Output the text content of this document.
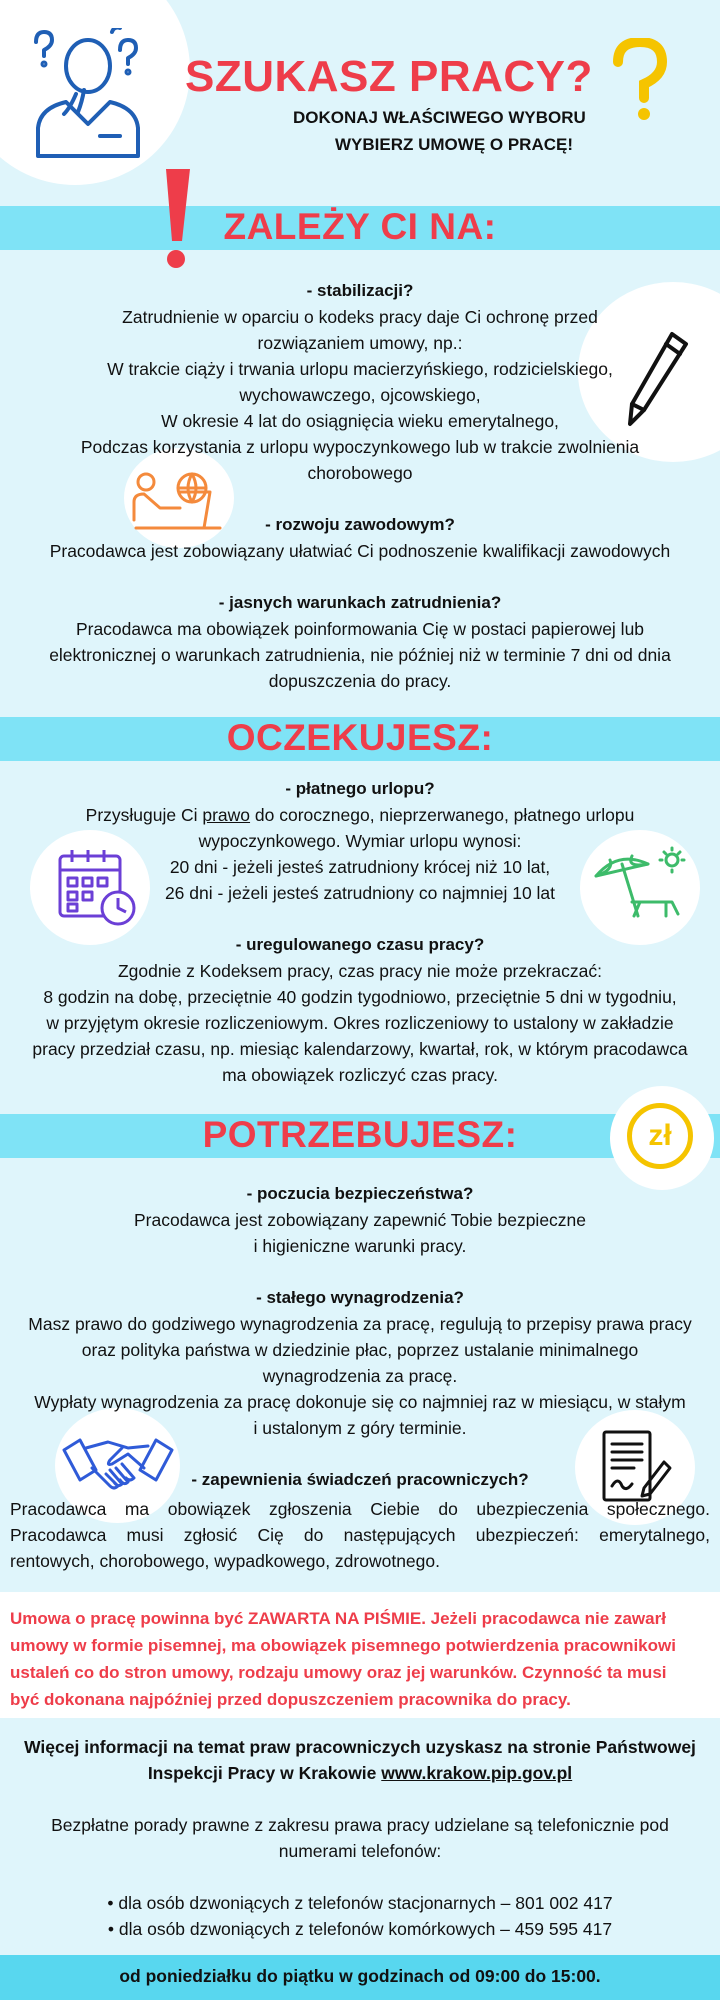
SZUKASZ PRACY?
DOKONAJ WŁAŚCIWEGO WYBORU
WYBIERZ UMOWĘ O PRACĘ!
ZALEŻY CI NA:
- stabilizacji?
Zatrudnienie w oparciu o kodeks pracy daje Ci ochronę przed
rozwiązaniem umowy, np.:
W trakcie ciąży i trwania urlopu macierzyńskiego, rodzicielskiego,
wychowawczego, ojcowskiego,
W okresie 4 lat do osiągnięcia wieku emerytalnego,
Podczas korzystania z urlopu wypoczynkowego lub w trakcie zwolnienia
chorobowego
- rozwoju zawodowym?
Pracodawca jest zobowiązany ułatwiać Ci podnoszenie kwalifikacji zawodowych
- jasnych warunkach zatrudnienia?
Pracodawca ma obowiązek poinformowania Cię w postaci papierowej lub
elektronicznej o warunkach zatrudnienia, nie później niż w terminie 7 dni od dnia
dopuszczenia do pracy.
OCZEKUJESZ:
- płatnego urlopu?
Przysługuje Ci prawo do corocznego, nieprzerwanego, płatnego urlopu
wypoczynkowego. Wymiar urlopu wynosi:
20 dni - jeżeli jesteś zatrudniony krócej niż 10 lat,
26 dni - jeżeli jesteś zatrudniony co najmniej 10 lat
- uregulowanego czasu pracy?
Zgodnie z Kodeksem pracy, czas pracy nie może przekraczać:
8 godzin na dobę, przeciętnie 40 godzin tygodniowo, przeciętnie 5 dni w tygodniu,
w przyjętym okresie rozliczeniowym. Okres rozliczeniowy to ustalony w zakładzie
pracy przedział czasu, np. miesiąc kalendarzowy, kwartał, rok, w którym pracodawca
ma obowiązek rozliczyć czas pracy.
POTRZEBUJESZ:	zł
- poczucia bezpieczeństwa?
Pracodawca jest zobowiązany zapewnić Tobie bezpieczne
i higieniczne warunki pracy.
- stałego wynagrodzenia?
Masz prawo do godziwego wynagrodzenia za pracę, regulują to przepisy prawa pracy
oraz polityka państwa w dziedzinie płac, poprzez ustalanie minimalnego
wynagrodzenia za pracę.
Wypłaty wynagrodzenia za pracę dokonuje się co najmniej raz w miesiącu, w stałym
i ustalonym z góry terminie.
- zapewnienia świadczeń pracowniczych?
Pracodawca ma obowiązek zgłoszenia Ciebie do ubezpieczenia społecznego.
Pracodawca musi zgłosić Cię do następujących ubezpieczeń: emerytalnego,
rentowych, chorobowego, wypadkowego, zdrowotnego.
Umowa o pracę powinna być ZAWARTA NA PIŚMIE. Jeżeli pracodawca nie zawarł
umowy w formie pisemnej, ma obowiązek pisemnego potwierdzenia pracownikowi
ustaleń co do stron umowy, rodzaju umowy oraz jej warunków. Czynność ta musi
być dokonana najpóźniej przed dopuszczeniem pracownika do pracy.
Więcej informacji na temat praw pracowniczych uzyskasz na stronie Państwowej
Inspekcji Pracy w Krakowie www.krakow.pip.gov.pl
Bezpłatne porady prawne z zakresu prawa pracy udzielane są telefonicznie pod
numerami telefonów:
• dla osób dzwoniących z telefonów stacjonarnych – 801 002 417
• dla osób dzwoniących z telefonów komórkowych – 459 595 417
od poniedziałku do piątku w godzinach od 09:00 do 15:00.
